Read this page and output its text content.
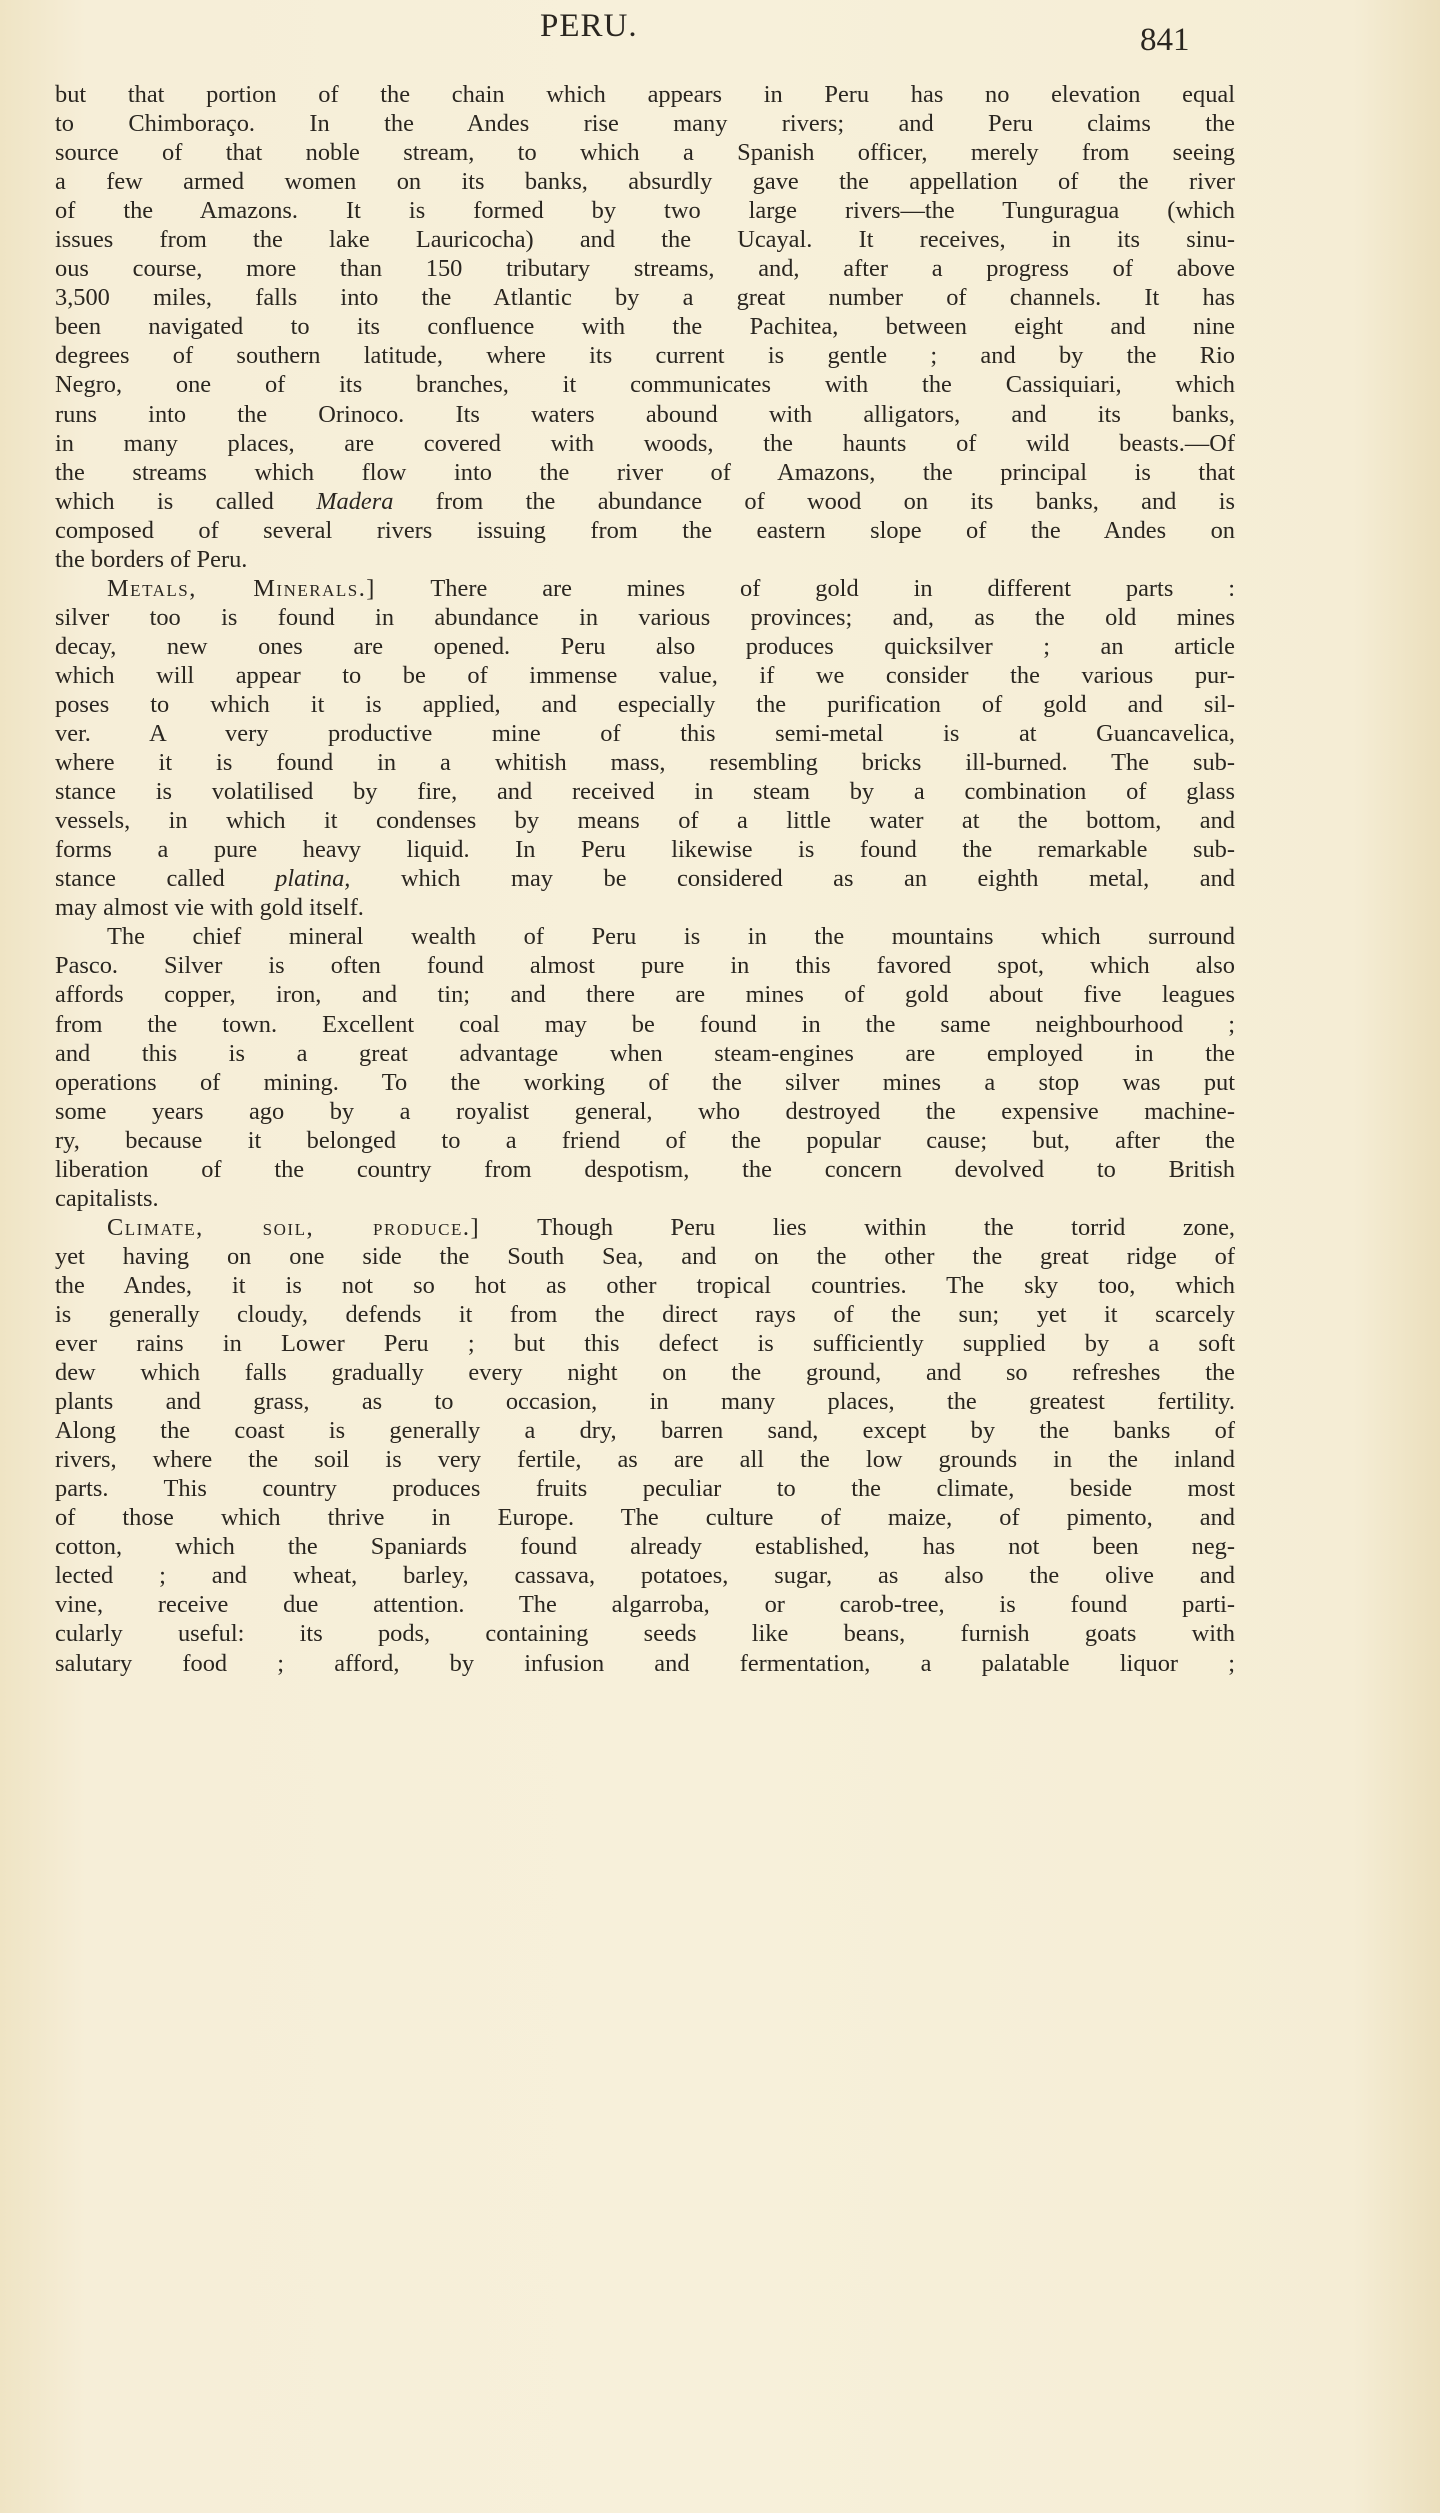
PERU.	841
but that portion of the chain which appears in Peru has no elevation equal
to Chimboraço. In the Andes rise many rivers; and Peru claims the
source of that noble stream, to which a Spanish officer, merely from seeing
a few armed women on its banks, absurdly gave the appellation of the river
of the Amazons. It is formed by two large rivers—the Tunguragua (which
issues from the lake Lauricocha) and the Ucayal. It receives, in its sinu-
ous course, more than 150 tributary streams, and, after a progress of above
3,500 miles, falls into the Atlantic by a great number of channels. It has
been navigated to its confluence with the Pachitea, between eight and nine
degrees of southern latitude, where its current is gentle ; and by the Rio
Negro, one of its branches, it communicates with the Cassiquiari, which
runs into the Orinoco. Its waters abound with alligators, and its banks,
in many places, are covered with woods, the haunts of wild beasts.—Of
the streams which flow into the river of Amazons, the principal is that
which is called Madera from the abundance of wood on its banks, and is
composed of several rivers issuing from the eastern slope of the Andes on
the borders of Peru.
Metals, Minerals.] There are mines of gold in different parts :
silver too is found in abundance in various provinces; and, as the old mines
decay, new ones are opened. Peru also produces quicksilver ; an article
which will appear to be of immense value, if we consider the various pur-
poses to which it is applied, and especially the purification of gold and sil-
ver. A very productive mine of this semi-metal is at Guancavelica,
where it is found in a whitish mass, resembling bricks ill-burned. The sub-
stance is volatilised by fire, and received in steam by a combination of glass
vessels, in which it condenses by means of a little water at the bottom, and
forms a pure heavy liquid. In Peru likewise is found the remarkable sub-
stance called platina, which may be considered as an eighth metal, and
may almost vie with gold itself.
The chief mineral wealth of Peru is in the mountains which surround
Pasco. Silver is often found almost pure in this favored spot, which also
affords copper, iron, and tin; and there are mines of gold about five leagues
from the town. Excellent coal may be found in the same neighbourhood ;
and this is a great advantage when steam-engines are employed in the
operations of mining. To the working of the silver mines a stop was put
some years ago by a royalist general, who destroyed the expensive machine-
ry, because it belonged to a friend of the popular cause; but, after the
liberation of the country from despotism, the concern devolved to British
capitalists.
Climate, soil, produce.] Though Peru lies within the torrid zone,
yet having on one side the South Sea, and on the other the great ridge of
the Andes, it is not so hot as other tropical countries. The sky too, which
is generally cloudy, defends it from the direct rays of the sun; yet it scarcely
ever rains in Lower Peru ; but this defect is sufficiently supplied by a soft
dew which falls gradually every night on the ground, and so refreshes the
plants and grass, as to occasion, in many places, the greatest fertility.
Along the coast is generally a dry, barren sand, except by the banks of
rivers, where the soil is very fertile, as are all the low grounds in the inland
parts. This country produces fruits peculiar to the climate, beside most
of those which thrive in Europe. The culture of maize, of pimento, and
cotton, which the Spaniards found already established, has not been neg-
lected ; and wheat, barley, cassava, potatoes, sugar, as also the olive and
vine, receive due attention. The algarroba, or carob-tree, is found parti-
cularly useful: its pods, containing seeds like beans, furnish goats with
salutary food ; afford, by infusion and fermentation, a palatable liquor ;
